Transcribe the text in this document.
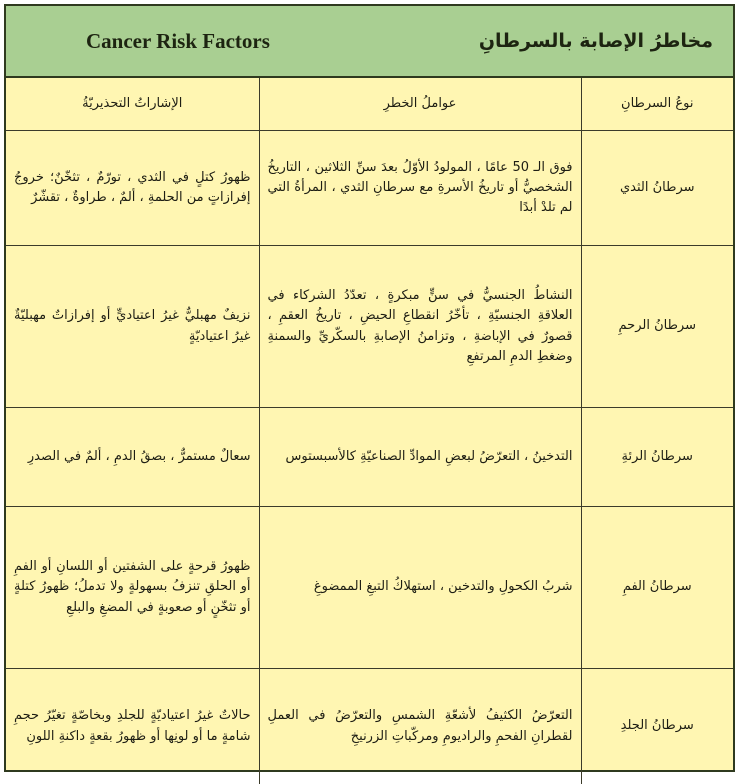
Cancer Risk Factors	مخاطرُ الإصابة بالسرطانِ
نوعُ السرطانِ	عواملُ الخطرِ	الإشاراتُ التحذيريّةُ
سرطانُ الثدي	فوق الـ 50 عامًا ، المولودُ الأوّلُ بعدَ سنِّ الثلاثين ، التاريخُ الشخصيُّ أو تاريخُ الأسرةِ مع سرطانِ الثدي ، المرأةُ التي لم تلدْ أبدًا	ظهورُ كتلٍ في الثدي ، تورّمٌ ، تثخّنٌ؛ خروجُ إفرازاتٍ من الحلمةِ ، ألمٌ ، طراوةٌ ، تقشّرٌ
سرطانُ الرحمِ	النشاطُ الجنسيُّ في سنٍّ مبكرةٍ ، تعدّدُ الشركاء في العلاقةِ الجنسيّةِ ، تأخّرُ انقطاعِ الحيضِ ، تاريخُ العقمِ ، قصورٌ في الإباضةِ ، وتزامنُ الإصابةِ بالسكّريِّ والسمنةِ وضغطِ الدمِ المرتفعِ	نزيفٌ مهبليٌّ غيرُ اعتياديٍّ أو إفرازاتٌ مهبليّةٌ غيرُ اعتياديّةٍ
سرطانُ الرئةِ	التدخينُ ، التعرّضُ لبعضِ الموادِّ الصناعيّةِ كالأسبستوس	سعالٌ مستمرٌّ ، بصقُ الدمِ ، ألمٌ في الصدرِ
سرطانُ الفمِ	شربُ الكحولِ والتدخين ، استهلاكُ التبغِ الممضوغِ	ظهورُ قرحةٍ على الشفتين أو اللسانِ أو الفمِ أو الحلقِ تنزفُ بسهولةٍ ولا تدملُ؛ ظهورُ كتلةٍ أو تثخّنٍ أو صعوبةٍ في المضغِ والبلعِ
سرطانُ الجلدِ	التعرّضُ الكثيفُ لأشعّةِ الشمسِ والتعرّضُ في العملِ لقطرانِ الفحمِ والراديومِ ومركّباتِ الزرنيخِ	حالاتٌ غيرُ اعتياديّةٍ للجلدِ وبخاصّةٍ تغيّرُ حجمِ شامةٍ ما أو لونِها أو ظهورُ بقعةٍ داكنةِ اللونِ
